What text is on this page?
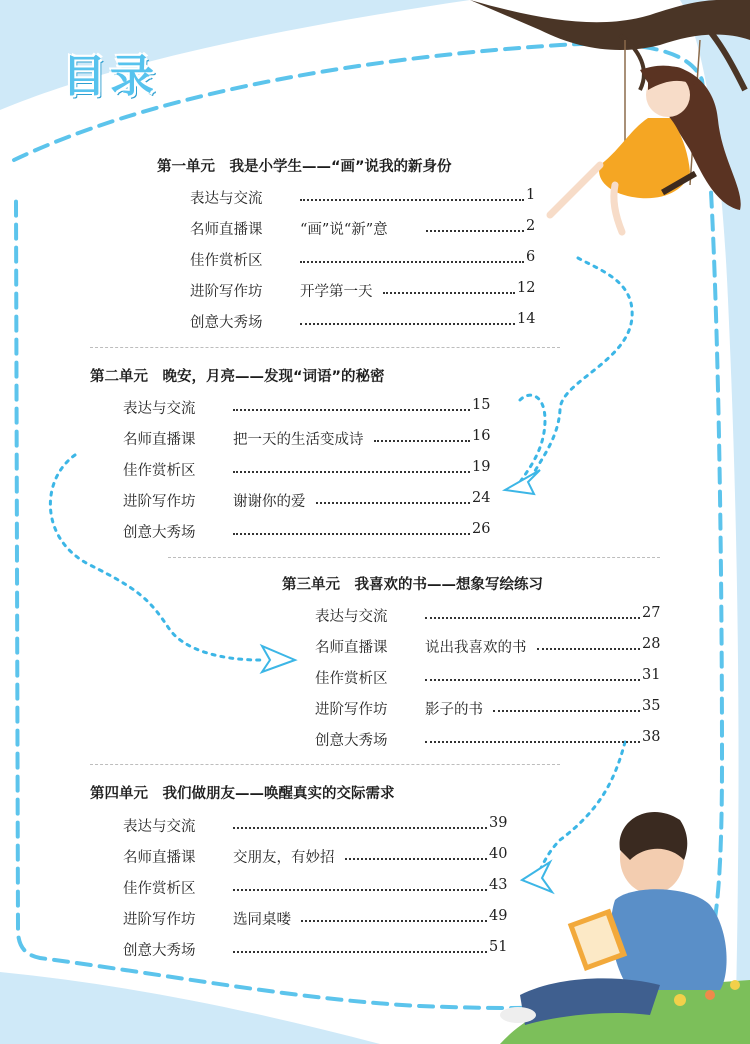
目录
第一单元　我是小学生——“画”说我的新身份
表达与交流	1
名师直播课	“画”说“新”意	2
佳作赏析区	6
进阶写作坊	开学第一天	12
创意大秀场	14
第二单元　晚安，月亮——发现“词语”的秘密
表达与交流	15
名师直播课	把一天的生活变成诗	16
佳作赏析区	19
进阶写作坊	谢谢你的爱	24
创意大秀场	26
第三单元　我喜欢的书——想象写绘练习
表达与交流	27
名师直播课	说出我喜欢的书	28
佳作赏析区	31
进阶写作坊	影子的书	35
创意大秀场	38
第四单元　我们做朋友——唤醒真实的交际需求
表达与交流	39
名师直播课	交朋友，有妙招	40
佳作赏析区	43
进阶写作坊	选同桌喽	49
创意大秀场	51
